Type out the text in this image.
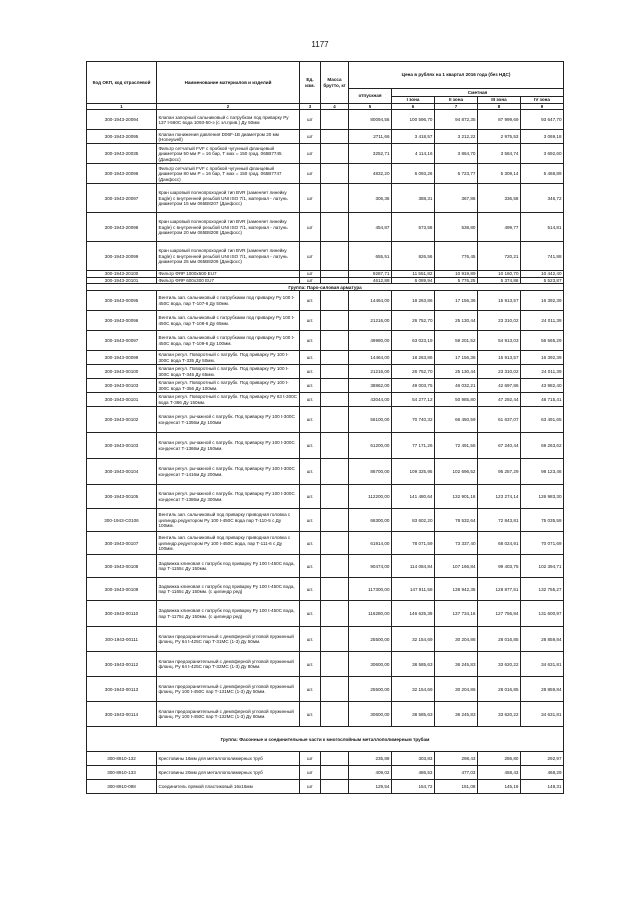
1177
Код ОКП, код отраслевой	Наименование материалов и изделий	Ед. изм.	Масса брутто, кг	Цена в рублях на 1 квартал 2016 года (без НДС)				
				отпускная	Сметная			
					I зона	II зона	III зона	IV зона
1	2	3	4	5	6	7	8	9
300-1943-20094	Клапан запорный сальниковый с патрубком под приварку Ру 137 t-560С вода 1093-50-э (с эл.прив.) Ду 50мм	шт		80094,56	100 596,70	94 872,35	87 999,69	93 647,70
300-1943-20095	Клапан понижения давления D06F-1В диаметром 20 мм (Honeywell)	шт		2711,66	3 418,57	3 212,22	2 975,53	3 069,18
300-1943-20035	Фильтр сетчатый FVF с пробкой чугунный фланцевый диаметром 50 мм Р = 16 бар, Т мах = 150 град. 065В7745 (Данфосс)	шт		3252,71	4 114,16	3 864,70	3 584,74	3 692,60
300-1943-20096	Фильтр сетчатый FVF с пробкой чугунный фланцевый диаметром 80 мм Р = 16 бар, Т мах = 150 град. 065В7747 (Данфосс)	шт		4832,20	6 093,26	5 723,77	5 309,14	5 468,89
300-1943-20097	Кран шаровый полнопроходной тип BVR (заменяет линейку Eagle) с внутренней резьбой UNI ISO 7/1, материал - латунь диаметром 15 мм 065В8207 (Данфосс)	шт		306,36	388,31	367,86	336,58	346,72
300-1943-20098	Кран шаровый полнопроходной тип BVR (заменяет линейку Eagle) с внутренней резьбой UNI ISO 7/1, материал - латунь диаметром 20 мм 065В8208 (Данфосс)	шт		454,87	573,58	538,80	499,77	514,81
300-1943-20099	Кран шаровый полнопроходной тип BVR (заменяет линейку Eagle) с внутренней резьбой UNI ISO 7/1, материал - латунь диаметром 25 мм 065В8209 (Данфосс)	шт		655,51	826,56	776,45	720,21	741,88
300-1943-20100	Фильтр ФЯР 1000х500 EU7	шт		9287,71	11 551,82	10 919,89	10 160,70	10 442,40
300-1943-20101	Фильтр ФЯР 600х300 EU7	шт		4612,88	6 089,94	5 776,25	5 374,86	5 523,87
Группа: Паро-силовая арматура								
300-1943-00095	Вентиль зап. сальниковый с патрубками под приварку Ру 100 t-450С вода, пар Т-107-6 Ду 50мм.	шт.		14464,00	18 263,86	17 156,36	15 913,57	16 392,39
300-1943-00096	Вентиль зап. сальниковый с патрубками под приварку Ру 100 t-450С вода, пар Т-108-6 Ду 65мм.	шт.		21216,00	26 752,70	25 130,44	23 310,02	24 011,39
300-1943-00097	Вентиль зап. сальниковый с патрубками под приварку Ру 100 t-450С вода, пар Т-109-6 Ду 100мм.	шт.		49980,00	63 023,19	59 201,52	54 913,03	56 565,29
300-1943-00099	Клапан регул. Поворотный с патрубк. Под приварку Ру 100 t-300С вода Т-335 Ду 50мм.	шт.		14464,00	18 263,86	17 156,36	15 913,57	16 392,39
300-1943-00100	Клапан регул. Поворотный с патрубк. Под приварку Ру 100 t-300С вода Т-345 Ду 65мм.	шт.		21216,00	26 752,70	25 130,44	23 310,02	24 011,39
300-1943-00103	Клапан регул. Поворотный с патрубк. Под приварку Ру 100 t-300С вода Т-356 Ду 100мм.	шт.		38862,00	49 003,75	46 032,21	42 697,86	43 982,40
300-1943-00101	Клапан регул. Поворотный с патрубк. Под приварку Ру 63 t-300С вода Т-366 Ду 150мм.	шт.		43044,00	54 277,12	50 985,80	47 292,44	48 715,41
300-1943-00102	Клапан регул. рычажной с патрубк. Под приварку Ру 100 t-300С конденсат Т-1356м Ду 100мм	шт.		56100,00	70 740,32	66 450,59	61 637,07	63 491,65
300-1943-00103	Клапан регул. рычажной с патрубк. Под приварку Ру 100 t-300С конденсат Т-1366м Ду 150мм.	шт.		61200,00	77 171,26	72 491,55	67 240,44	69 263,62
300-1943-00104	Клапан регул. рычажной с патрубк. Под приварку Ру 100 t-300С конденсат Т-1416м Ду 200мм.	шт.		86700,00	109 325,95	102 696,52	95 257,29	98 123,46
300-1943-00105	Клапан регул. рычажной с патрубк. Под приварку Ру 100 t-300С конденсат Т-1386м Ду 300мм.	шт.		112200,00	141 480,64	132 901,16	123 274,14	126 983,30
300-1943-C0106	Вентиль зап. сальниковый под приварку приводная головка с цилиндр.редуктором Ру 100 t-450С вода пар Т-110-5 с Ду 100мм.	шт.		66300,00	83 602,20	78 532,64	72 843,81	75 035,59
300-1943-00107	Вентиль зап. сальниковый под приварку приводная головка с цилиндр.редуктором Ру 100 t-450С вода, пар Т-111-6 с Ду 100мм.	шт.		61914,00	78 071,59	73 337,40	68 024,91	70 071,69
300-1943-00108	Задвижка клиновая с патрубк под приварку Ру 100 t-450С вода, пар Т-1155с Ду 150мм.	шт.		90474,00	114 084,84	107 166,84	99 403,75	102 394,71
300-1943-00109	Задвижка клиновая с патрубк под приварку Ру 100 t-450С вода, пар Т-1165с Ду 150мм. (с цилиндр ред)	шт.		117300,00	147 911,58	138 942,35	128 877,51	132 755,27
300-1943-00110	Задвижка клиновая с патрубк под приварку Ру 100 t-450С вода, пар Т-1175с Ду 150мм. (с цилиндр ред)	шт.		116280,00	146 625,39	137 734,16	127 756,84	131 600,97
300-1943-00111	Клапан предохранительный с демпферной угловой пружинный фланц. Ру 64 t-425С пар Т-31МС (1-3) Ду 50мм.	шт.		25500,00	32 154,69	30 204,86	28 016,85	28 859,84
300-1943-00112	Клапан предохранительный с демпферной угловой пружинный фланц. Ру 64 t-425С пар Т-32МС (1-3) Ду 80мм.	шт.		30600,00	38 585,63	36 245,83	33 620,22	34 631,81
300-1943-00113	Клапан предохранительный с демпферной угловой пружинный фланц. Ру 100 t-450С пар Т-131МС (1-3) Ду 50мм.	шт.		25500,00	32 154,69	30 204,86	28 016,85	28 859,84
300-1943-00114	Клапан предохранительный с демпферной угловой пружинный фланц. Ру 100 t-450С пар Т-132МС (1-3) Ду 80мм.	шт.		30600,00	38 585,63	36 245,83	33 620,22	34 631,81
Группа: Фасонные и соединительные части к многослойным металлополимерным трубам								
300-8910-132	Крестовины 16мм для металлополимерных труб	шт		235,89	303,83	298,43	286,80	292,97
300-8910-133	Крестовины 20мм для металлополимерных труб	шт		409,02	486,53	477,03	458,43	468,29
300-8910-098	Соединитель прямой пластиковый 16х16мм	шт		129,54	154,72	151,08	145,19	148,31
